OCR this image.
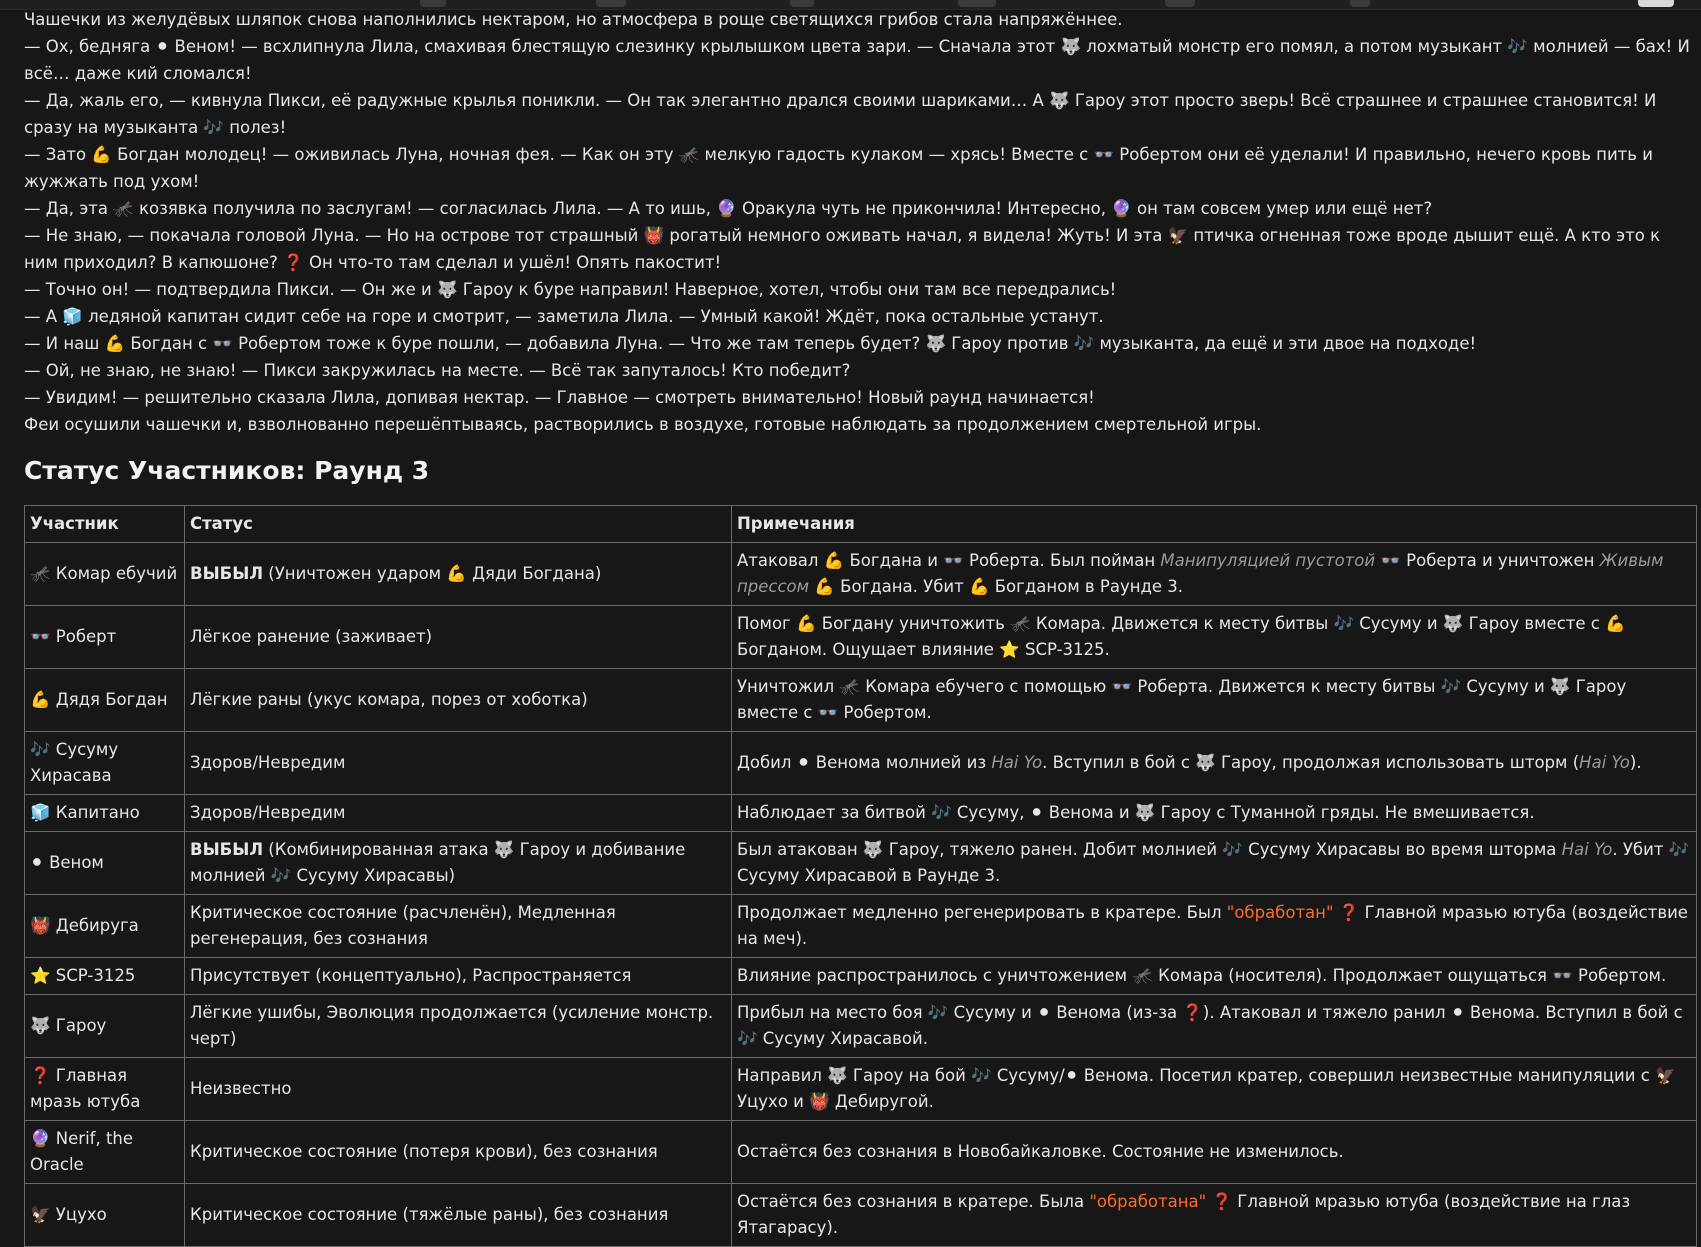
Чашечки из желудёвых шляпок снова наполнились нектаром, но атмосфера в роще светящихся грибов стала напряжённее.

— Ох, бедняга ⚫ Веном! — всхлипнула Лила, смахивая блестящую слезинку крылышком цвета зари. — Сначала этот 🐺 лохматый монстр его помял, а потом музыкант 🎶 молнией — бах! И всё… даже кий сломался!

— Да, жаль его, — кивнула Пикси, её радужные крылья поникли. — Он так элегантно дрался своими шариками… А 🐺 Гароу этот просто зверь! Всё страшнее и страшнее становится! И сразу на музыканта 🎶 полез!

— Зато 💪 Богдан молодец! — оживилась Луна, ночная фея. — Как он эту 🦟 мелкую гадость кулаком — хрясь! Вместе с 👓 Робертом они её уделали! И правильно, нечего кровь пить и жужжать под ухом!

— Да, эта 🦟 козявка получила по заслугам! — согласилась Лила. — А то ишь, 🔮 Оракула чуть не прикончила! Интересно, 🔮 он там совсем умер или ещё нет?

— Не знаю, — покачала головой Луна. — Но на острове тот страшный 👹 рогатый немного оживать начал, я видела! Жуть! И эта 🦅 птичка огненная тоже вроде дышит ещё. А кто это к ним приходил? В капюшоне? ❓ Он что-то там сделал и ушёл! Опять пакостит!

— Точно он! — подтвердила Пикси. — Он же и 🐺 Гароу к буре направил! Наверное, хотел, чтобы они там все передрались!

— А 🧊 ледяной капитан сидит себе на горе и смотрит, — заметила Лила. — Умный какой! Ждёт, пока остальные устанут.

— И наш 💪 Богдан с 👓 Робертом тоже к буре пошли, — добавила Луна. — Что же там теперь будет? 🐺 Гароу против 🎶 музыканта, да ещё и эти двое на подходе!

— Ой, не знаю, не знаю! — Пикси закружилась на месте. — Всё так запуталось! Кто победит?

— Увидим! — решительно сказала Лила, допивая нектар. — Главное — смотреть внимательно! Новый раунд начинается!

Феи осушили чашечки и, взволнованно перешёптываясь, растворились в воздухе, готовые наблюдать за продолжением смертельной игры.

Статус Участников: Раунд 3
Участник	Статус	Примечания
🦟 Комар ебучий	ВЫБЫЛ (Уничтожен ударом 💪 Дяди Богдана)	Атаковал 💪 Богдана и 👓 Роберта. Был пойман Манипуляцией пустотой 👓 Роберта и уничтожен Живым прессом 💪 Богдана. Убит 💪 Богданом в Раунде 3.
👓 Роберт	Лёгкое ранение (заживает)	Помог 💪 Богдану уничтожить 🦟 Комара. Движется к месту битвы 🎶 Сусуму и 🐺 Гароу вместе с 💪 Богданом. Ощущает влияние ⭐ SCP-3125.
💪 Дядя Богдан	Лёгкие раны (укус комара, порез от хоботка)	Уничтожил 🦟 Комара ебучего с помощью 👓 Роберта. Движется к месту битвы 🎶 Сусуму и 🐺 Гароу вместе с 👓 Робертом.
🎶 Сусуму Хирасава	Здоров/Невредим	Добил ⚫ Венома молнией из Hai Yo. Вступил в бой с 🐺 Гароу, продолжая использовать шторм (Hai Yo).
🧊 Капитано	Здоров/Невредим	Наблюдает за битвой 🎶 Сусуму, ⚫ Венома и 🐺 Гароу с Туманной гряды. Не вмешивается.
⚫ Веном	ВЫБЫЛ (Комбинированная атака 🐺 Гароу и добивание молнией 🎶 Сусуму Хирасавы)	Был атакован 🐺 Гароу, тяжело ранен. Добит молнией 🎶 Сусуму Хирасавы во время шторма Hai Yo. Убит 🎶 Сусуму Хирасавой в Раунде 3.
👹 Дебируга	Критическое состояние (расчленён), Медленная регенерация, без сознания	Продолжает медленно регенерировать в кратере. Был "обработан" ❓ Главной мразью ютуба (воздействие на меч).
⭐ SCP-3125	Присутствует (концептуально), Распространяется	Влияние распространилось с уничтожением 🦟 Комара (носителя). Продолжает ощущаться 👓 Робертом.
🐺 Гароу	Лёгкие ушибы, Эволюция продолжается (усиление монстр. черт)	Прибыл на место боя 🎶 Сусуму и ⚫ Венома (из-за ❓). Атаковал и тяжело ранил ⚫ Венома. Вступил в бой с 🎶 Сусуму Хирасавой.
❓ Главная мразь ютуба	Неизвестно	Направил 🐺 Гароу на бой 🎶 Сусуму/⚫ Венома. Посетил кратер, совершил неизвестные манипуляции с 🦅 Уцухо и 👹 Дебиругой.
🔮 Nerif, the Oracle	Критическое состояние (потеря крови), без сознания	Остаётся без сознания в Новобайкаловке. Состояние не изменилось.
🦅 Уцухо	Критическое состояние (тяжёлые раны), без сознания	Остаётся без сознания в кратере. Была "обработана" ❓ Главной мразью ютуба (воздействие на глаз Ятагарасу).
